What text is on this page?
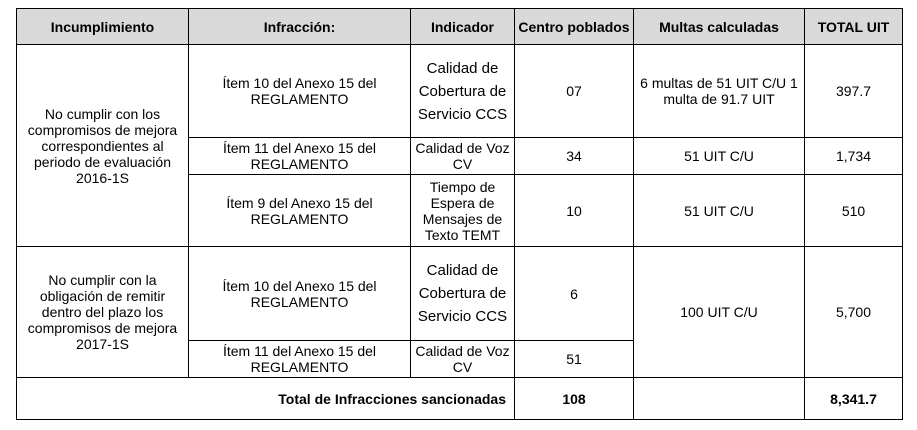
Incumplimiento	Infracción:	Indicador	Centro poblados	Multas calculadas	TOTAL UIT
No cumplir con los compromisos de mejora correspondientes al periodo de evaluación 2016-1S	Ítem 10 del Anexo 15 del REGLAMENTO	Calidad de Cobertura de Servicio CCS	07	6 multas de 51 UIT C/U 1 multa de 91.7 UIT	397.7
	Ítem 11 del Anexo 15 del REGLAMENTO	Calidad de Voz CV	34	51 UIT C/U	1,734
	Ítem 9 del Anexo 15 del REGLAMENTO	Tiempo de Espera de Mensajes de Texto TEMT	10	51 UIT C/U	510
No cumplir con la obligación de remitir dentro del plazo los compromisos de mejora 2017-1S	Ítem 10 del Anexo 15 del REGLAMENTO	Calidad de Cobertura de Servicio CCS	6	100 UIT C/U	5,700
	Ítem 11 del Anexo 15 del REGLAMENTO	Calidad de Voz CV	51		
Total de Infracciones sancionadas			108		8,341.7
